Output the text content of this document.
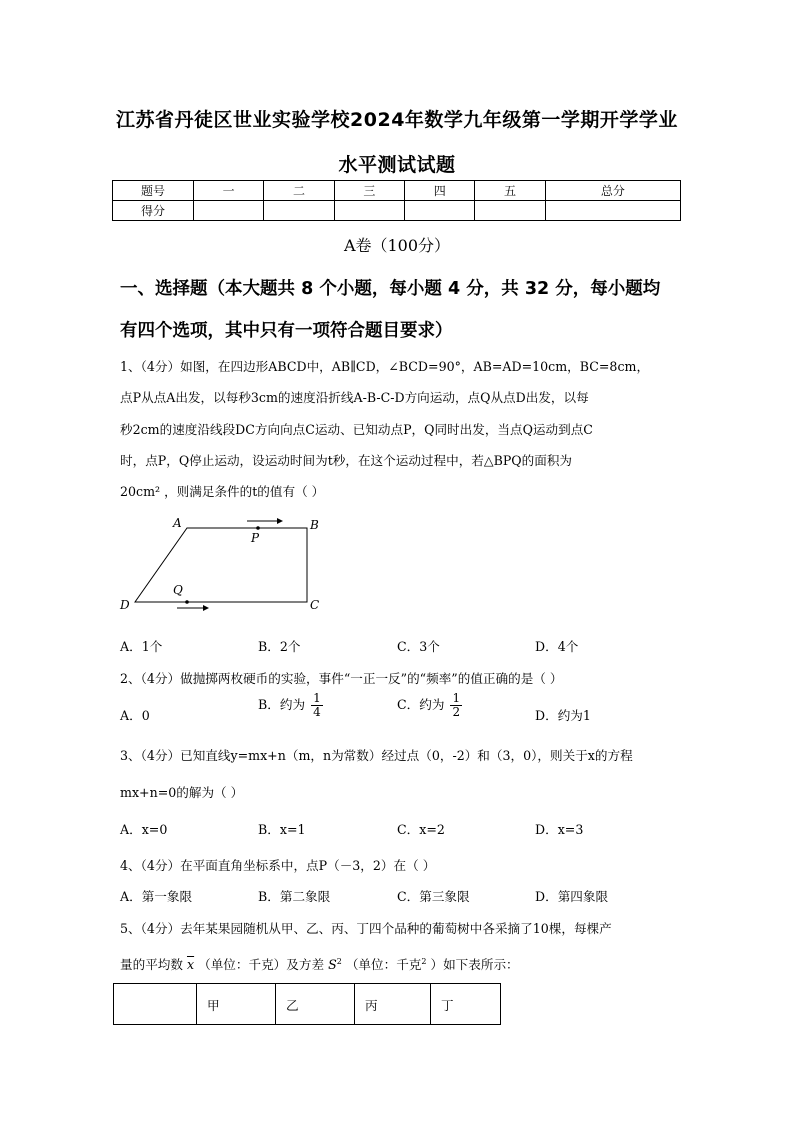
江苏省丹徒区世业实验学校2024年数学九年级第一学期开学学业
水平测试试题
题号	一	二	三	四	五	总分
得分						
A卷（100分）
一、选择题（本大题共 8 个小题，每小题 4 分，共 32 分，每小题均
有四个选项，其中只有一项符合题目要求）
1、（4分）如图，在四边形ABCD中，AB∥CD，∠BCD=90°，AB=AD=10cm，BC=8cm，
点P从点A出发，以每秒3cm的速度沿折线A-B-C-D方向运动，点Q从点D出发，以每
秒2cm的速度沿线段DC方向向点C运动、已知动点P，Q同时出发，当点Q运动到点C
时，点P，Q停止运动，设运动时间为t秒，在这个运动过程中，若△BPQ的面积为
20cm² ，则满足条件的t的值有（ ）
A	B
P
Q
D	C
A．1个	B．2个	C．3个	D．4个
2、（4分）做抛掷两枚硬币的实验，事件“一正一反”的“频率”的值正确的是（ ）
A．0
B．约为 $\frac{1}{4}$	C．约为 $\frac{1}{2}$	D．约为1
3、（4分）已知直线y=mx+n（m，n为常数）经过点（0，-2）和（3，0），则关于x的方程
mx+n=0的解为（ ）
A．x=0	B．x=1	C．x=2	D．x=3
4、（4分）在平面直角坐标系中，点P（－3，2）在（ ）
A．第一象限	B．第二象限	C．第三象限	D．第四象限
5、（4分）去年某果园随机从甲、乙、丙、丁四个品种的葡萄树中各采摘了10棵，每棵产
量的平均数 $\overline{x}$ （单位：千克）及方差 $S^2$ （单位：千克$^2$ ）如下表所示：
	甲	乙	丙	丁
